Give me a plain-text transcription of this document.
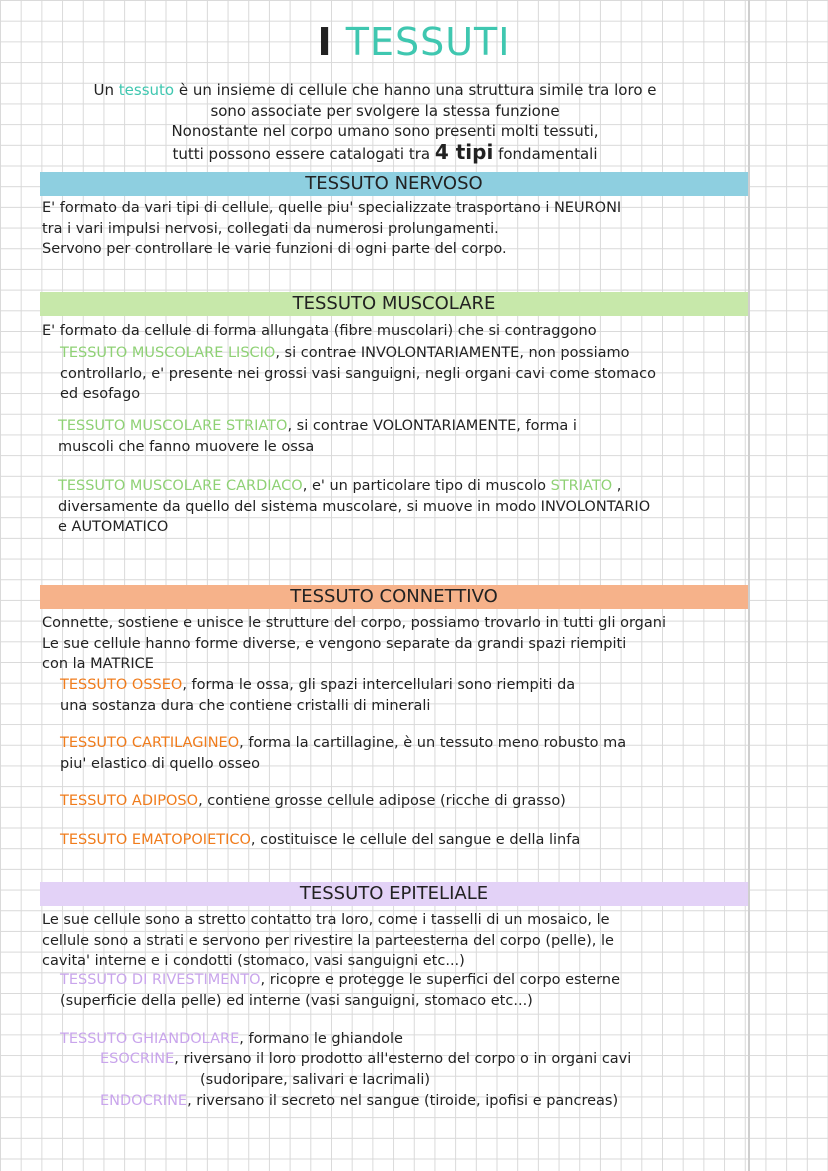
I TESSUTI
Un tessuto è un insieme di cellule che hanno una struttura simile tra loro e
sono associate per svolgere la stessa funzione
Nonostante nel corpo umano sono presenti molti tessuti,
tutti possono essere catalogati tra 4 tipi fondamentali
TESSUTO NERVOSO
E' formato da vari tipi di cellule, quelle piu' specializzate trasportano i NEURONI
tra i vari impulsi nervosi, collegati da numerosi prolungamenti.
Servono per controllare le varie funzioni di ogni parte del corpo.
TESSUTO MUSCOLARE
E' formato da cellule di forma allungata (fibre muscolari) che si contraggono
TESSUTO MUSCOLARE LISCIO, si contrae INVOLONTARIAMENTE, non possiamo
controllarlo, e' presente nei grossi vasi sanguigni, negli organi cavi come stomaco
ed esofago
TESSUTO MUSCOLARE STRIATO, si contrae VOLONTARIAMENTE, forma i
muscoli che fanno muovere le ossa
TESSUTO MUSCOLARE CARDIACO, e' un particolare tipo di muscolo STRIATO ,
diversamente da quello del sistema muscolare, si muove in modo INVOLONTARIO
e AUTOMATICO
TESSUTO CONNETTIVO
Connette, sostiene e unisce le strutture del corpo, possiamo trovarlo in tutti gli organi
Le sue cellule hanno forme diverse, e vengono separate da grandi spazi riempiti
con la MATRICE
TESSUTO OSSEO, forma le ossa, gli spazi intercellulari sono riempiti da
una sostanza dura che contiene cristalli di minerali
TESSUTO CARTILAGINEO, forma la cartillagine, è un tessuto meno robusto ma
piu' elastico di quello osseo
TESSUTO ADIPOSO, contiene grosse cellule adipose (ricche di grasso)
TESSUTO EMATOPOIETICO, costituisce le cellule del sangue e della linfa
TESSUTO EPITELIALE
Le sue cellule sono a stretto contatto tra loro, come i tasselli di un mosaico, le
cellule sono a strati e servono per rivestire la parteesterna del corpo (pelle), le
cavita' interne e i condotti (stomaco, vasi sanguigni etc...)
TESSUTO DI RIVESTIMENTO, ricopre e protegge le superfici del corpo esterne
(superficie della pelle) ed interne (vasi sanguigni, stomaco etc...)
TESSUTO GHIANDOLARE, formano le ghiandole
ESOCRINE, riversano il loro prodotto all'esterno del corpo o in organi cavi
(sudoripare, salivari e lacrimali)
ENDOCRINE, riversano il secreto nel sangue (tiroide, ipofisi e pancreas)
